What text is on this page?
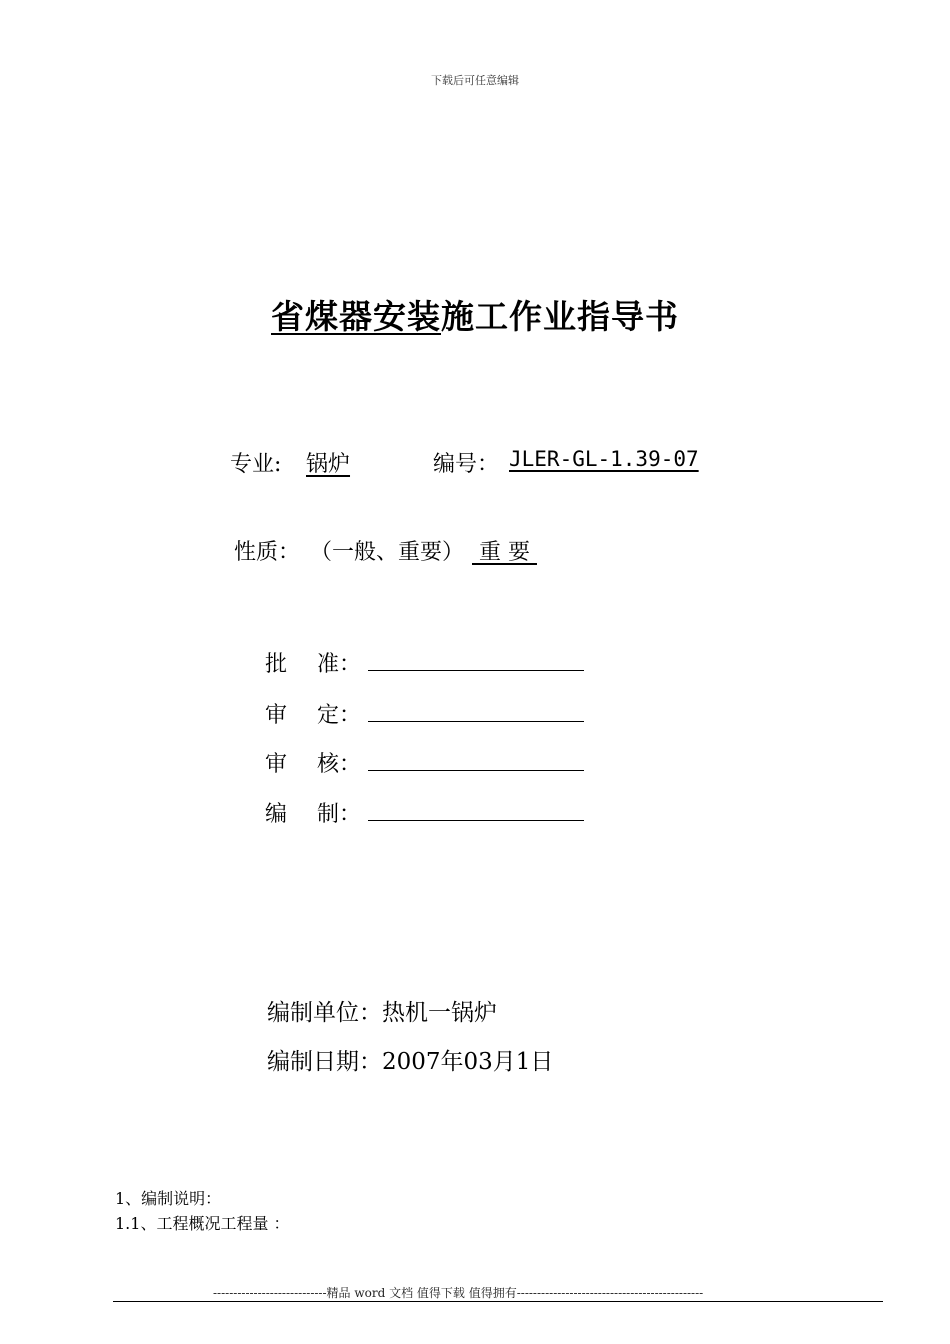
下载后可任意编辑
省煤器安装施工作业指导书
专业: 锅炉	编号： JLER-GL-1.39-07
性质： （一般、重要） 重 要
批 准：
审 定：
审 核：
编 制：
编制单位：热机一锅炉
编制日期：2007年03月1日
1、编制说明：
1.1、工程概况工程量 ：
----------------------------精品 word 文档 值得下载 值得拥有----------------------------------------------
